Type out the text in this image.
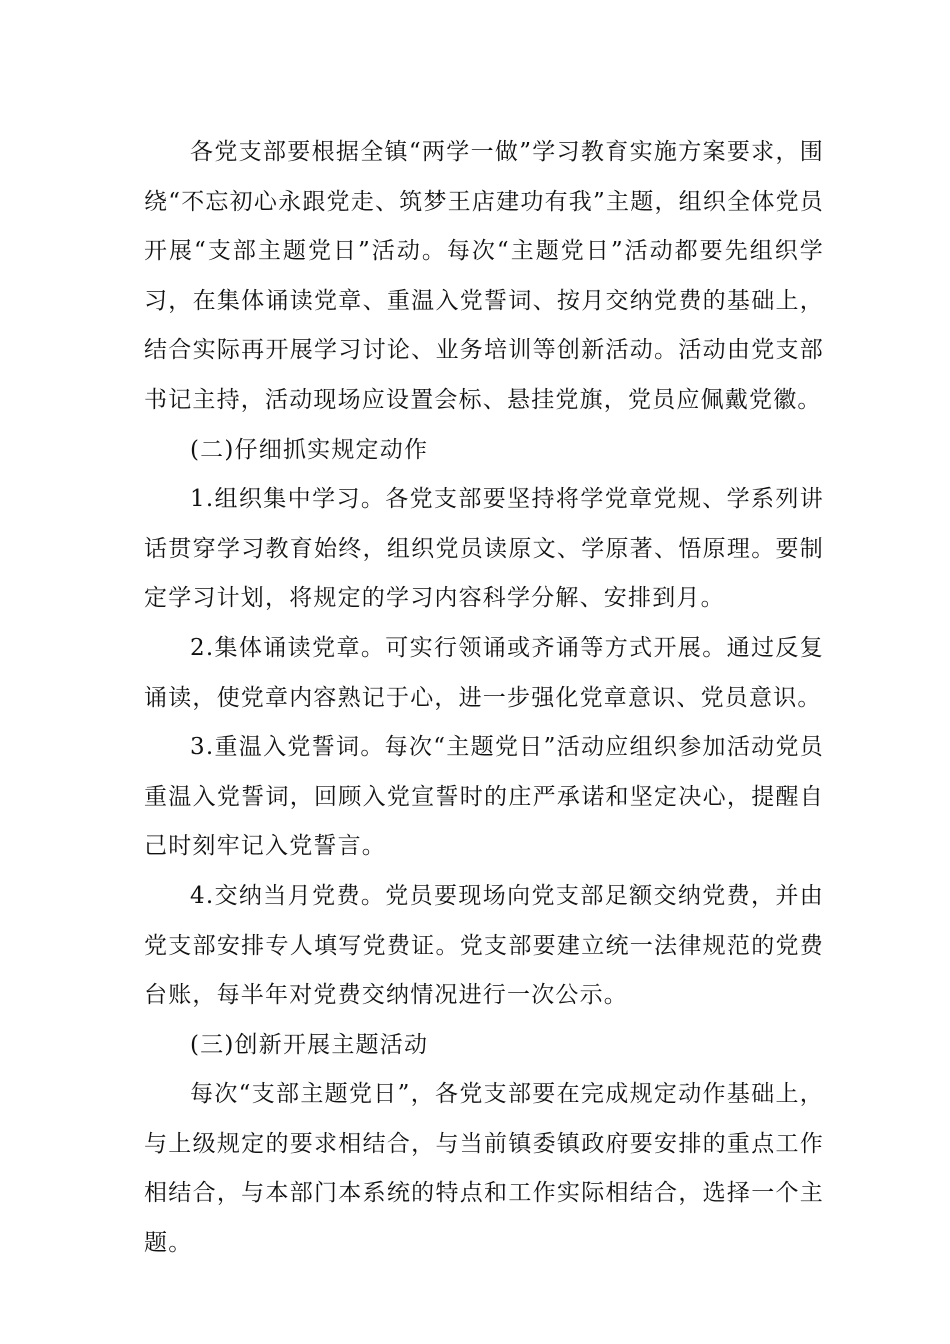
各党支部要根据全镇“两学一做”学习教育实施方案要求，围绕“不忘初心永跟党走、筑梦王店建功有我”主题，组织全体党员开展“支部主题党日”活动。每次“主题党日”活动都要先组织学习，在集体诵读党章、重温入党誓词、按月交纳党费的基础上，结合实际再开展学习讨论、业务培训等创新活动。活动由党支部书记主持，活动现场应设置会标、悬挂党旗，党员应佩戴党徽。

(二)仔细抓实规定动作

1.组织集中学习。各党支部要坚持将学党章党规、学系列讲话贯穿学习教育始终，组织党员读原文、学原著、悟原理。要制定学习计划，将规定的学习内容科学分解、安排到月。

2.集体诵读党章。可实行领诵或齐诵等方式开展。通过反复诵读，使党章内容熟记于心，进一步强化党章意识、党员意识。

3.重温入党誓词。每次“主题党日”活动应组织参加活动党员重温入党誓词，回顾入党宣誓时的庄严承诺和坚定决心，提醒自己时刻牢记入党誓言。

4.交纳当月党费。党员要现场向党支部足额交纳党费，并由党支部安排专人填写党费证。党支部要建立统一法律规范的党费台账，每半年对党费交纳情况进行一次公示。

(三)创新开展主题活动

每次“支部主题党日”，各党支部要在完成规定动作基础上，与上级规定的要求相结合，与当前镇委镇政府要安排的重点工作相结合，与本部门本系统的特点和工作实际相结合，选择一个主题。
